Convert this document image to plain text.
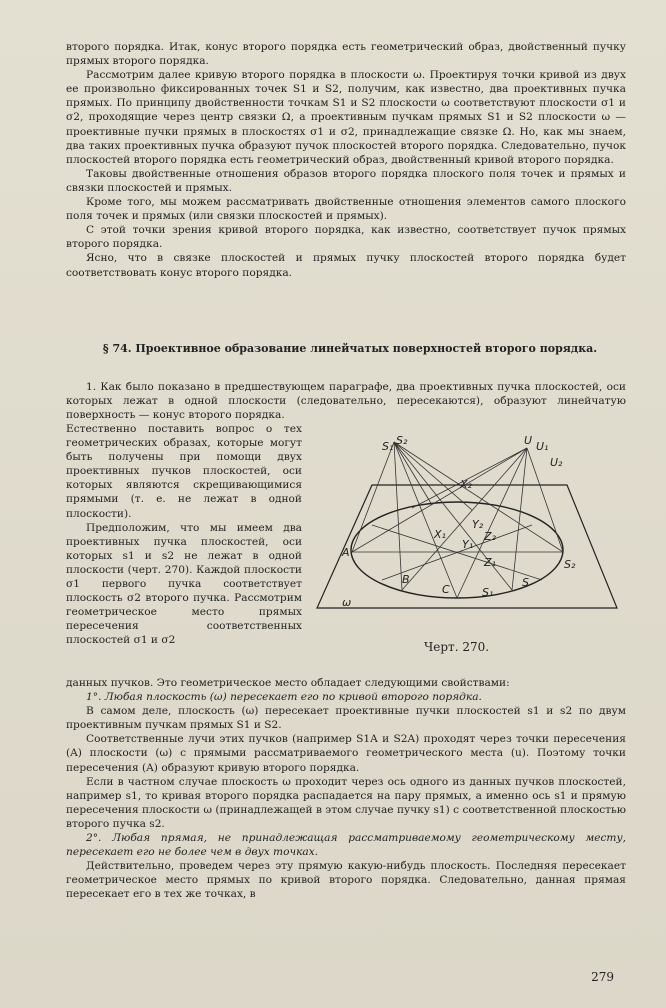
второго порядка. Итак, конус второго порядка есть геометрический образ, двойственный пучку прямых второго порядка.

Рассмотрим далее кривую второго порядка в плоскости ω. Проектируя точки кривой из двух ее произвольно фиксированных точек S1 и S2, получим, как известно, два проективных пучка прямых. По принципу двойственности точкам S1 и S2 плоскости ω соответствуют плоскости σ1 и σ2, проходящие через центр связки Ω, а проективным пучкам прямых S1 и S2 плоскости ω — проективные пучки прямых в плоскостях σ1 и σ2, принадлежащие связке Ω. Но, как мы знаем, два таких проективных пучка образуют пучок плоскостей второго порядка. Следовательно, пучок плоскостей второго порядка есть геометрический образ, двойственный кривой второго порядка.

Таковы двойственные отношения образов второго порядка плоского поля точек и прямых и связки плоскостей и прямых.

Кроме того, мы можем рассматривать двойственные отношения элементов самого плоского поля точек и прямых (или связки плоскостей и прямых).

С этой точки зрения кривой второго порядка, как известно, соответствует пучок прямых второго порядка.

Ясно, что в связке плоскостей и прямых пучку плоскостей второго порядка будет соответствовать конус второго порядка.

§ 74. Проективное образование линейчатых поверхностей второго порядка.
1. Как было показано в предшествующем параграфе, два проективных пучка плоскостей, оси которых лежат в одной плоскости (следовательно, пересекаются), образуют линейчатую поверхность — конус второго порядка.

Естественно поставить вопрос о тех геометрических образах, которые могут быть получены при помощи двух проективных пучков плоскостей, оси которых являются скрещивающимися прямыми (т. е. не лежат в одной плоскости).

Предположим, что мы имеем два проективных пучка плоскостей, оси которых s1 и s2 не лежат в одной плоскости (черт. 270). Каждой плоскости σ1 первого пучка соответствует плоскость σ2 второго пучка. Рассмотрим геометрическое место прямых пересечения соответственных плоскостей σ1 и σ2

S₁ S₂	U U₁
U₂
X₂
Y₂
Z₂
X₁
Y₁
Z₁
A
B
C	S₁
S
S₂
ω
Черт. 270.

данных пучков. Это геометрическое место обладает следующими свойствами:

1°. Любая плоскость (ω) пересекает его по кривой второго порядка.

В самом деле, плоскость (ω) пересекает проективные пучки плоскостей s1 и s2 по двум проективным пучкам прямых S1 и S2.

Соответственные лучи этих пучков (например S1A и S2A) проходят через точки пересечения (A) плоскости (ω) с прямыми рассматриваемого геометрического места (u). Поэтому точки пересечения (A) образуют кривую второго порядка.

Если в частном случае плоскость ω проходит через ось одного из данных пучков плоскостей, например s1, то кривая второго порядка распадается на пару прямых, а именно ось s1 и прямую пересечения плоскости ω (принадлежащей в этом случае пучку s1) с соответственной плоскостью второго пучка s2.

2°. Любая прямая, не принадлежащая рассматриваемому геометрическому месту, пересекает его не более чем в двух точках.

Действительно, проведем через эту прямую какую-нибудь плоскость. Последняя пересекает геометрическое место прямых по кривой второго порядка. Следовательно, данная прямая пересекает его в тех же точках, в

279
